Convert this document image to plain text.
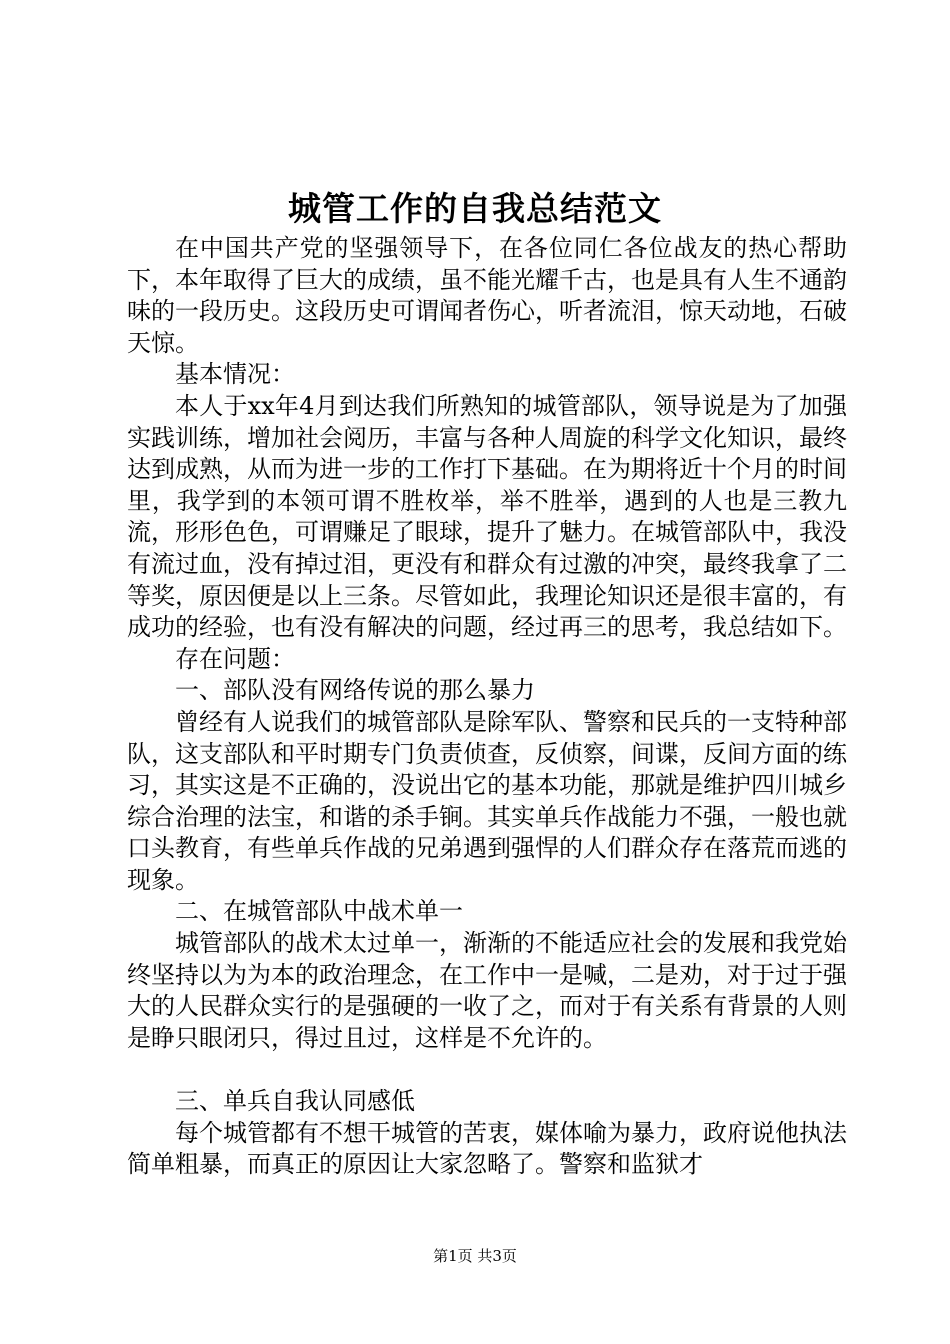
城管工作的自我总结范文

在中国共产党的坚强领导下，在各位同仁各位战友的热心帮助下，本年取得了巨大的成绩，虽不能光耀千古，也是具有人生不通韵味的一段历史。这段历史可谓闻者伤心，听者流泪，惊天动地，石破天惊。

基本情况：

本人于xx年4月到达我们所熟知的城管部队，领导说是为了加强实践训练，增加社会阅历，丰富与各种人周旋的科学文化知识，最终达到成熟，从而为进一步的工作打下基础。在为期将近十个月的时间里，我学到的本领可谓不胜枚举，举不胜举，遇到的人也是三教九流，形形色色，可谓赚足了眼球，提升了魅力。在城管部队中，我没有流过血，没有掉过泪，更没有和群众有过激的冲突，最终我拿了二等奖，原因便是以上三条。尽管如此，我理论知识还是很丰富的，有成功的经验，也有没有解决的问题，经过再三的思考，我总结如下。

存在问题：

一、部队没有网络传说的那么暴力

曾经有人说我们的城管部队是除军队、警察和民兵的一支特种部队，这支部队和平时期专门负责侦查，反侦察，间谍，反间方面的练习，其实这是不正确的，没说出它的基本功能，那就是维护四川城乡综合治理的法宝，和谐的杀手锏。其实单兵作战能力不强，一般也就口头教育，有些单兵作战的兄弟遇到强悍的人们群众存在落荒而逃的现象。

二、在城管部队中战术单一

城管部队的战术太过单一，渐渐的不能适应社会的发展和我党始终坚持以为为本的政治理念，在工作中一是喊，二是劝，对于过于强大的人民群众实行的是强硬的一收了之，而对于有关系有背景的人则是睁只眼闭只，得过且过，这样是不允许的。

三、单兵自我认同感低

每个城管都有不想干城管的苦衷，媒体喻为暴力，政府说他执法简单粗暴，而真正的原因让大家忽略了。警察和监狱才

第1页 共3页
